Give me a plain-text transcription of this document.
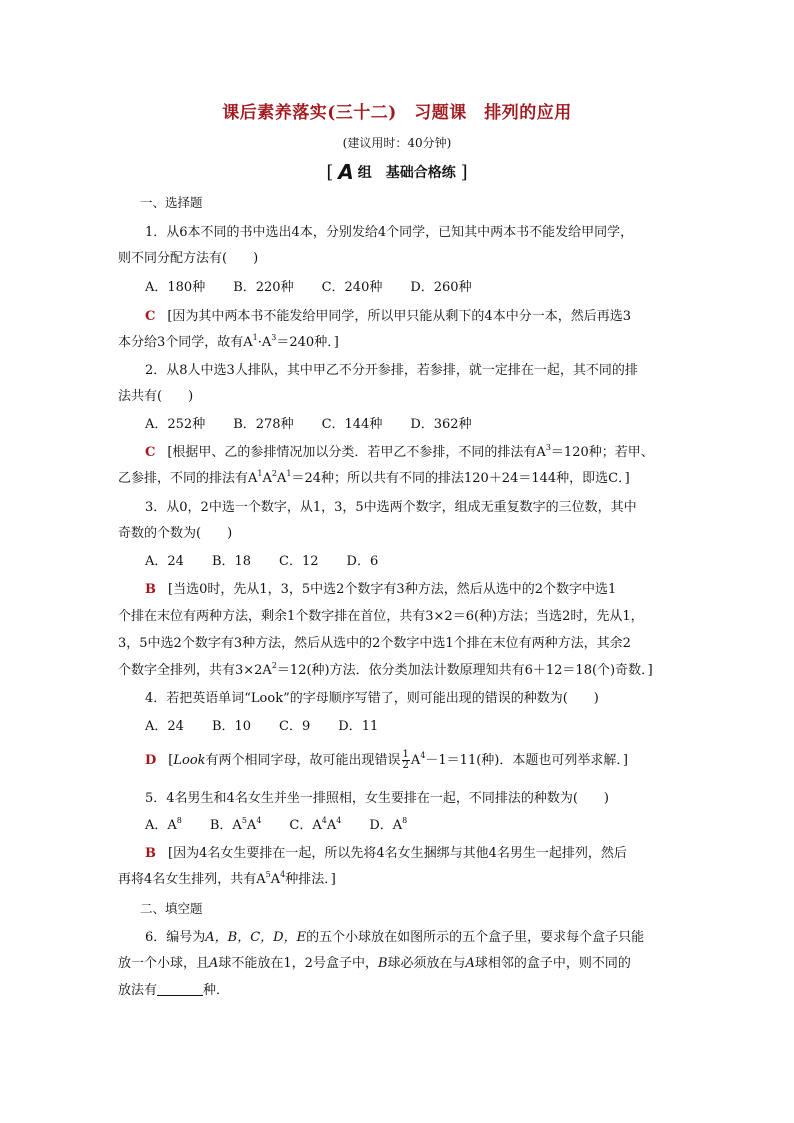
课后素养落实(三十二)　习题课　排列的应用
(建议用时：40分钟)
[ A 组　基础合格练 ]
一、选择题
1．从6本不同的书中选出4本，分别发给4个同学，已知其中两本书不能发给甲同学，
则不同分配方法有(　　)
A．180种 B．220种 C．240种 D．260种
C [因为其中两本书不能发给甲同学，所以甲只能从剩下的4本中分一本，然后再选3
本分给3个同学，故有$A^1\cdot A^3=240$种．]
2．从8人中选3人排队，其中甲乙不分开参排，若参排，就一定排在一起，其不同的排
法共有(　　)
A．252种 B．278种 C．144种 D．362种
C [根据甲、乙的参排情况加以分类．若甲乙不参排，不同的排法有$A^3=120$种；若甲、
乙参排，不同的排法有$A^1A^2A^1=24$种；所以共有不同的排法120＋24＝144种，即选C．]
3．从0，2中选一个数字，从1，3，5中选两个数字，组成无重复数字的三位数，其中
奇数的个数为(　　)
A．24 B．18 C．12 D．6
B [当选0时，先从1，3，5中选2个数字有3种方法，然后从选中的2个数字中选1
个排在末位有两种方法，剩余1个数字排在首位，共有3×2＝6(种)方法；当选2时，先从1，
3，5中选2个数字有3种方法，然后从选中的2个数字中选1个排在末位有两种方法，其余2
个数字全排列，共有$3\times 2A^2=12$(种)方法．依分类加法计数原理知共有6＋12＝18(个)奇数．]
4．若把英语单词“Look”的字母顺序写错了，则可能出现的错误的种数为(　　)
A．24 B．10 C．9 D．11
D [Look有两个相同字母，故可能出现错误 $\frac{1}{2} A^4-1=11$(种)．本题也可列举求解．]
5．4名男生和4名女生并坐一排照相，女生要排在一起，不同排法的种数为(　　)
A．$A^8$ B．$A^5A^4$ C．$A^4A^4$ D．$A^8$
B [因为4名女生要排在一起，所以先将4名女生捆绑与其他4名男生一起排列，然后
再将4名女生排列，共有$A^5A^4$种排法．]
二、填空题
6．编号为A，B，C，D，E的五个小球放在如图所示的五个盒子里，要求每个盒子只能
放一个小球，且A球不能放在1，2号盒子中，B球必须放在与A球相邻的盒子中，则不同的
放法有	种．
